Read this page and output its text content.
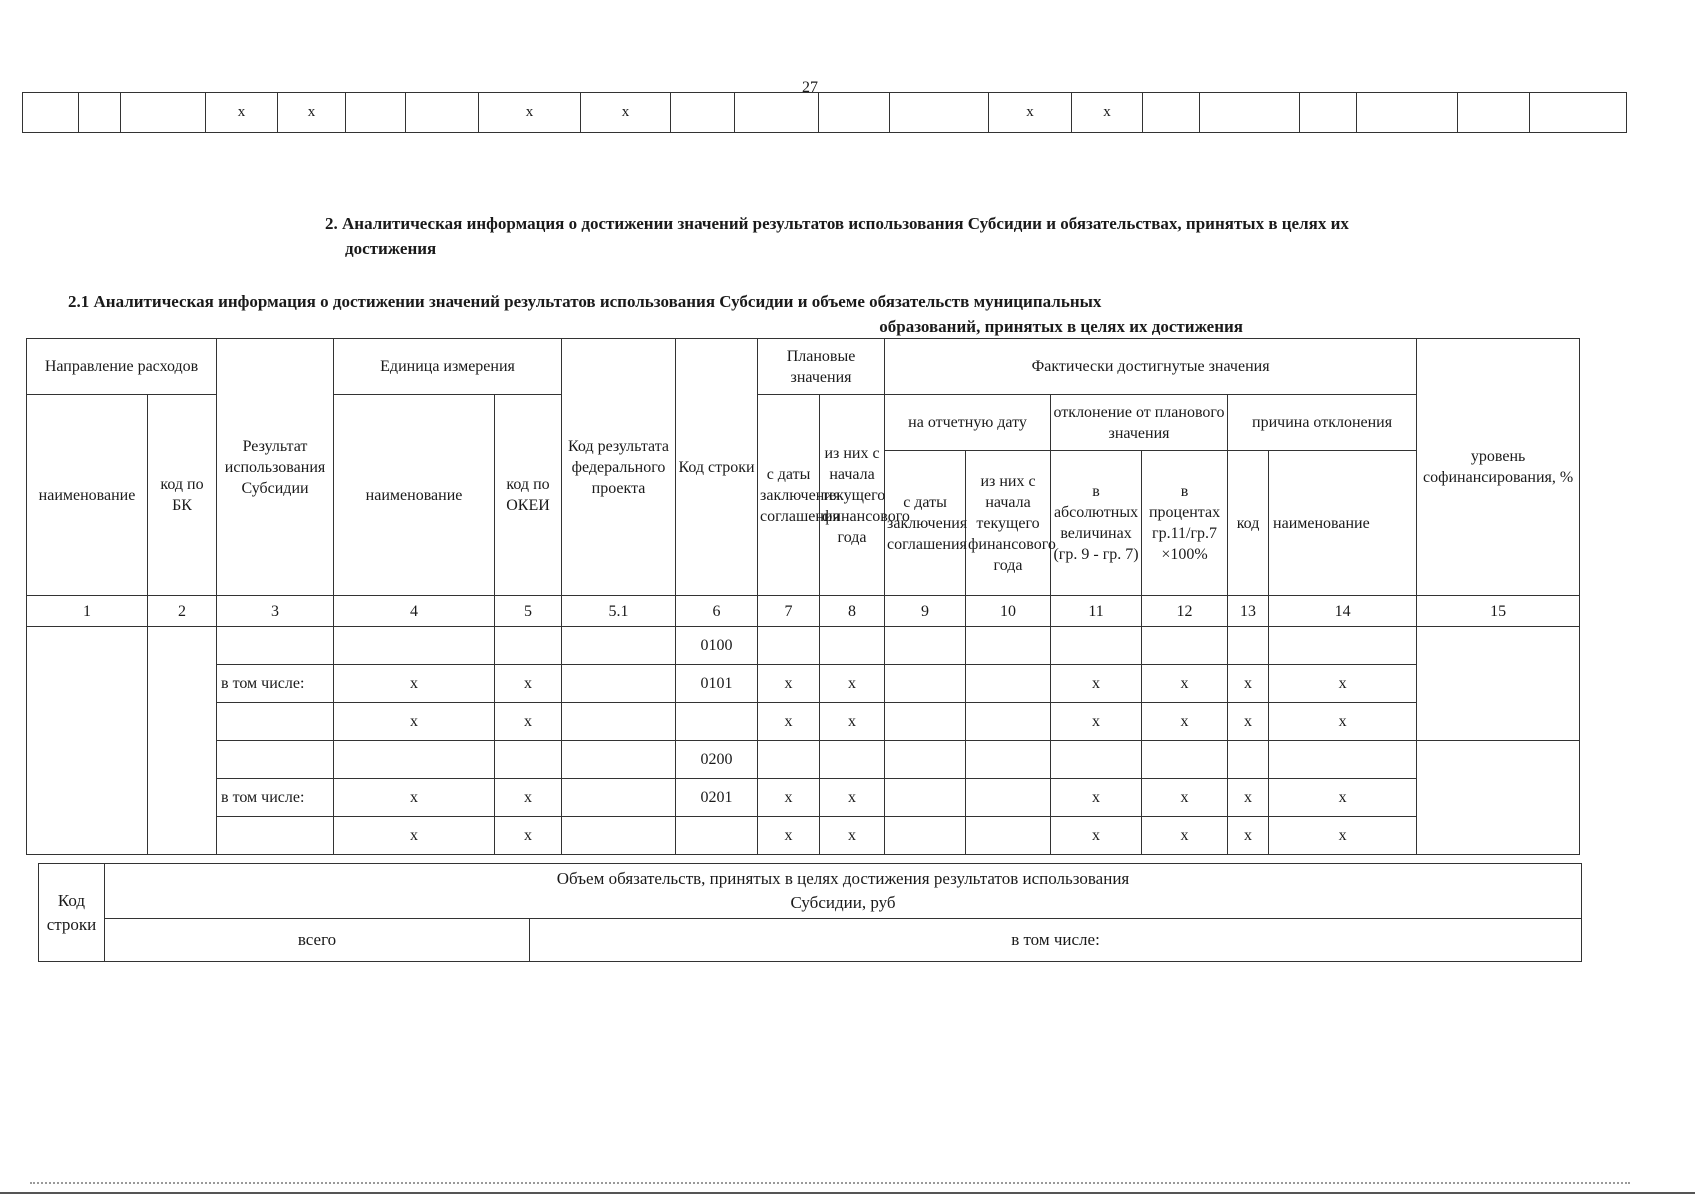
27
			x	x			x	x					x	x						
2. Аналитическая информация о достижении значений результатов использования Субсидии и обязательствах, принятых в целях их
достижения
2.1 Аналитическая информация о достижении значений результатов использования Субсидии и объеме обязательств муниципальных
образований, принятых в целях их достижения
Направление расходов		Результат использования Субсидии	Единица измерения		Код результата федерального проекта	Код строки	Плановые значения		Фактически достигнутые значения						уровень софинансирования, %
наименование	код по БК		наименование	код по ОКЕИ			с даты заключения соглашения	из них с начала текущего финансового года	на отчетную дату		отклонение от планового значения		причина отклонения		
									с даты заключения соглашения	из них с начала текущего финансового года	в абсолютных величинах (гр. 9 - гр. 7)	в процентах гр.11/гр.7 ×100%	код	наименование	
1	2	3	4	5	5.1	6	7	8	9	10	11	12	13	14	15
						0100									
		в том числе:	x	x		0101	x	x			x	x	x	x	
			x	x			x	x			x	x	x	x	
						0200									
		в том числе:	x	x		0201	x	x			x	x	x	x	
			x	x			x	x			x	x	x	x	
Код строки	Объем обязательств, принятых в целях достижения результатов использования
Субсидии, руб	

	всего	в том числе:
